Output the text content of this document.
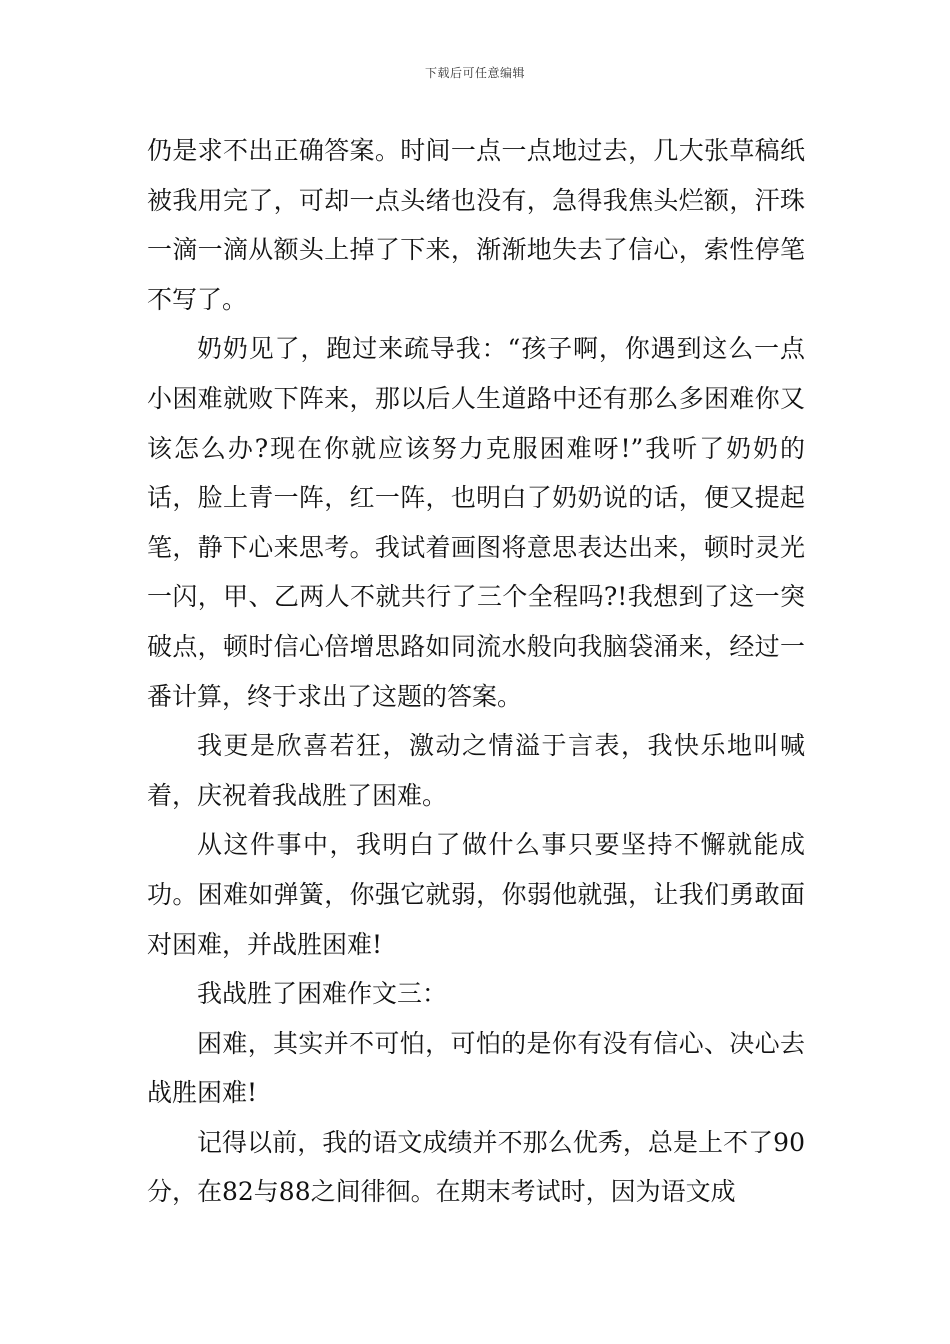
下载后可任意编辑

仍是求不出正确答案。时间一点一点地过去，几大张草稿纸被我用完了，可却一点头绪也没有，急得我焦头烂额，汗珠一滴一滴从额头上掉了下来，渐渐地失去了信心，索性停笔不写了。

奶奶见了，跑过来疏导我：“孩子啊，你遇到这么一点小困难就败下阵来，那以后人生道路中还有那么多困难你又该怎么办?现在你就应该努力克服困难呀!”我听了奶奶的话，脸上青一阵，红一阵，也明白了奶奶说的话，便又提起笔，静下心来思考。我试着画图将意思表达出来，顿时灵光一闪，甲、乙两人不就共行了三个全程吗?!我想到了这一突破点，顿时信心倍增思路如同流水般向我脑袋涌来，经过一番计算，终于求出了这题的答案。

我更是欣喜若狂，激动之情溢于言表，我快乐地叫喊着，庆祝着我战胜了困难。

从这件事中，我明白了做什么事只要坚持不懈就能成功。困难如弹簧，你强它就弱，你弱他就强，让我们勇敢面对困难，并战胜困难!

我战胜了困难作文三：

困难，其实并不可怕，可怕的是你有没有信心、决心去战胜困难!

记得以前，我的语文成绩并不那么优秀，总是上不了90分，在82与88之间徘徊。在期末考试时，因为语文成
